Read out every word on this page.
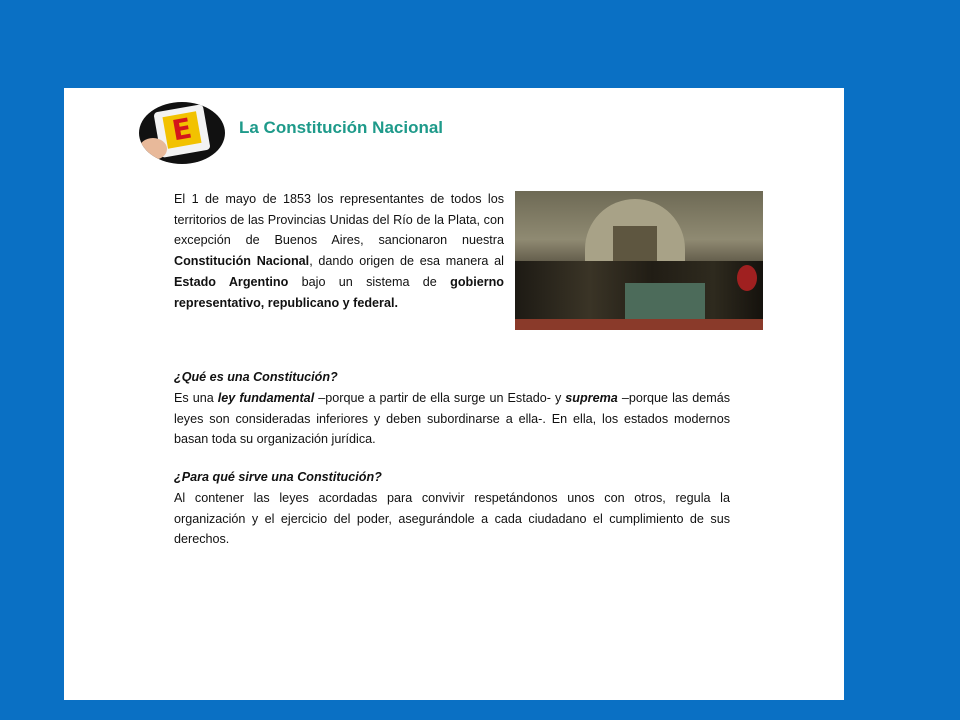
E	La Constitución Nacional

El 1 de mayo de 1853 los representantes de todos los territorios de las Provincias Unidas del Río de la Plata, con excepción de Buenos Aires, sancionaron nuestra Constitución Nacional, dando origen de esa manera al Estado Argentino bajo un sistema de gobierno representativo, republicano y federal.

¿Qué es una Constitución?

Es una ley fundamental –porque a partir de ella surge un Estado- y suprema –porque las demás leyes son consideradas inferiores y deben subordinarse a ella-. En ella, los estados modernos basan toda su organización jurídica.

¿Para qué sirve una Constitución?

Al contener las leyes acordadas para convivir respetándonos unos con otros, regula la organización y el ejercicio del poder, asegurándole a cada ciudadano el cumplimiento de sus derechos.
